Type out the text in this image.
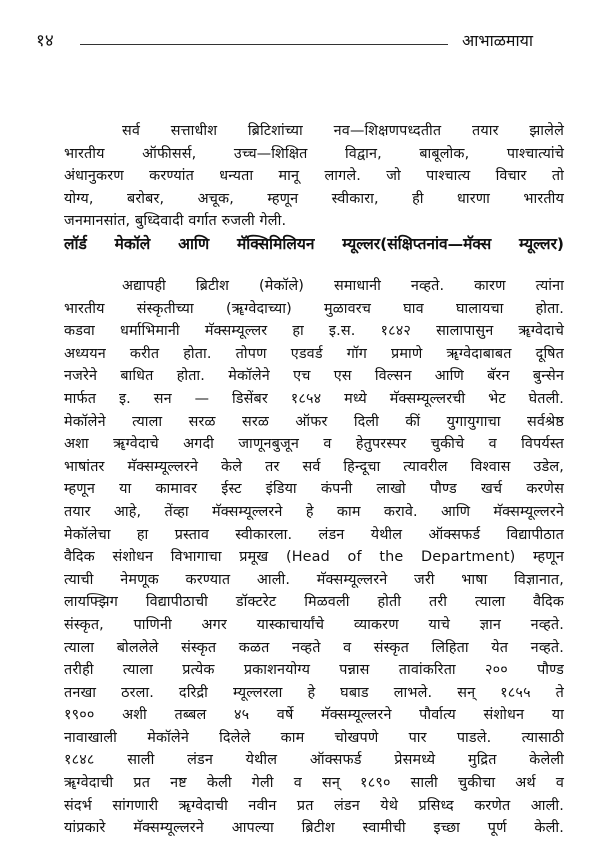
१४	आभाळमाया
सर्व सत्ताधीश ब्रिटिशांच्या नव—शिक्षणपध्दतीत तयार झालेले
भारतीय ऑफीसर्स, उच्च—शिक्षित विद्वान, बाबूलोक, पाश्चात्यांचे
अंधानुकरण करण्यांत धन्यता मानू लागले. जो पाश्चात्य विचार तो
योग्य, बरोबर, अचूक, म्हणून स्वीकारा, ही धारणा भारतीय
जनमानसांत, बुध्दिवादी वर्गात रुजली गेली.
लॉर्ड मेकॉले आणि मॅक्सिमिलियन म्यूल्लर(संक्षिप्तनांव—मॅक्स म्यूल्लर)
अद्यापही ब्रिटीश (मेकॉले) समाधानी नव्हते. कारण त्यांना
भारतीय संस्कृतीच्या (ॠग्वेदाच्या) मुळावरच घाव घालायचा होता.
कडवा धर्माभिमानी मॅक्सम्यूल्लर हा इ.स. १८४२ सालापासुन ॠग्वेदाचे
अध्ययन करीत होता. तोपण एडवर्ड गॉग प्रमाणे ॠग्वेदाबाबत दूषित
नजरेने बाधित होता. मेकॉलेने एच एस विल्सन आणि बॅरन बुन्सेन
मार्फत इ. सन — डिसेंबर १८५४ मध्ये मॅक्सम्यूल्लरची भेट घेतली.
मेकॉलेने त्याला सरळ सरळ ऑफर दिली कीं युगायुगाचा सर्वश्रेष्ठ
अशा ॠग्वेदाचे अगदी जाणूनबुजून व हेतुपरस्पर चुकीचे व विपर्यस्त
भाषांतर मॅक्सम्यूल्लरने केले तर सर्व हिन्दूचा त्यावरील विश्वास उडेल,
म्हणून या कामावर ईस्ट इंडिया कंपनी लाखो पौण्ड खर्च करणेस
तयार आहे, तेंव्हा मॅक्सम्यूल्लरने हे काम करावे. आणि मॅक्सम्यूल्लरने
मेकॉलेचा हा प्रस्ताव स्वीकारला. लंडन येथील ऑक्सफर्ड विद्यापीठात
वैदिक संशोधन विभागाचा प्रमूख (Head of the Department) म्हणून
त्याची नेमणूक करण्यात आली. मॅक्सम्यूल्लरने जरी भाषा विज्ञानात,
लायफ्झिग विद्यापीठाची डॉक्टरेट मिळवली होती तरी त्याला वैदिक
संस्कृत, पाणिनी अगर यास्काचार्यांचे व्याकरण याचे ज्ञान नव्हते.
त्याला बोललेले संस्कृत कळत नव्हते व संस्कृत लिहिता येत नव्हते.
तरीही त्याला प्रत्येक प्रकाशनयोग्य पन्नास तावांकरिता २०० पौण्ड
तनखा ठरला. दरिद्री म्यूल्लरला हे घबाड लाभले. सन् १८५५ ते
१९०० अशी तब्बल ४५ वर्षे मॅक्सम्यूल्लरने पौर्वात्य संशोधन या
नावाखाली मेकॉलेने दिलेले काम चोखपणे पार पाडले. त्यासाठी
१८४८ साली लंडन येथील ऑक्सफर्ड प्रेसमध्ये मुद्रित केलेली
ॠग्वेदाची प्रत नष्ट केली गेली व सन् १८९० साली चुकीचा अर्थ व
संदर्भ सांगणारी ॠग्वेदाची नवीन प्रत लंडन येथे प्रसिध्द करणेत आली.
यांप्रकारे मॅक्सम्यूल्लरने आपल्या ब्रिटीश स्वामीची इच्छा पूर्ण केली.
